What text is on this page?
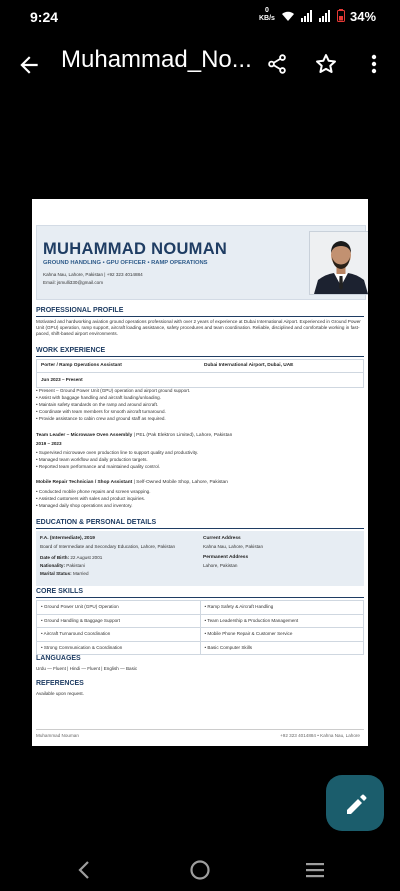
9:24	0
KB/s	34%
Muhammad_No...
MUHAMMAD NOUMAN
GROUND HANDLING • GPU OFFICER • RAMP OPERATIONS
Kahna Nau, Lahore, Pakistan | +92 323 4014884
Email: jsmulli330@gmail.com
PROFESSIONAL PROFILE
Motivated and hardworking aviation ground operations professional with over 2 years of experience at Dubai International Airport. Experienced in Ground Power Unit (GPU) operation, ramp support, aircraft loading assistance, safety procedures and team coordination. Reliable, disciplined and comfortable working in fast-paced, shift-based airport environments.
WORK EXPERIENCE
Porter / Ramp Operations Assistant	Dubai International Airport, Dubai, UAE
Jun 2023 – Present
• Present – Ground Power Unit (GPU) operation and airport ground support.
• Assist with baggage handling and aircraft loading/unloading.
• Maintain safety standards on the ramp and around aircraft.
• Coordinate with team members for smooth aircraft turnaround.
• Provide assistance to cabin crew and ground staff as required.
Team Leader – Microwave Oven Assembly | PEL (Pak Elektron Limited), Lahore, Pakistan
2019 – 2023
• Supervised microwave oven production line to support quality and productivity.
• Managed team workflow and daily production targets.
• Reported team performance and maintained quality control.
Mobile Repair Technician / Shop Assistant | Self-Owned Mobile Shop, Lahore, Pakistan
• Conducted mobile phone repairs and screen wrapping.
• Assisted customers with sales and product inquiries.
• Managed daily shop operations and inventory.
EDUCATION & PERSONAL DETAILS
F.A. (Intermediate), 2019
Board of Intermediate and Secondary Education, Lahore, Pakistan
Date of Birth: 22 August 2001
Nationality: Pakistani
Marital Status: Married
Current Address
Kahna Nau, Lahore, Pakistan
Permanent Address
Lahore, Pakistan
CORE SKILLS
• Ground Power Unit (GPU) Operation	• Ramp Safety & Aircraft Handling
• Ground Handling & Baggage Support	• Team Leadership & Production Management
• Aircraft Turnaround Coordination	• Mobile Phone Repair & Customer Service
• Strong Communication & Coordination	• Basic Computer Skills
LANGUAGES
Urdu — Fluent | Hindi — Fluent | English — Basic
REFERENCES
Available upon request.
Muhammad Nouman	+92 323 4014884 • Kahna Nau, Lahore
